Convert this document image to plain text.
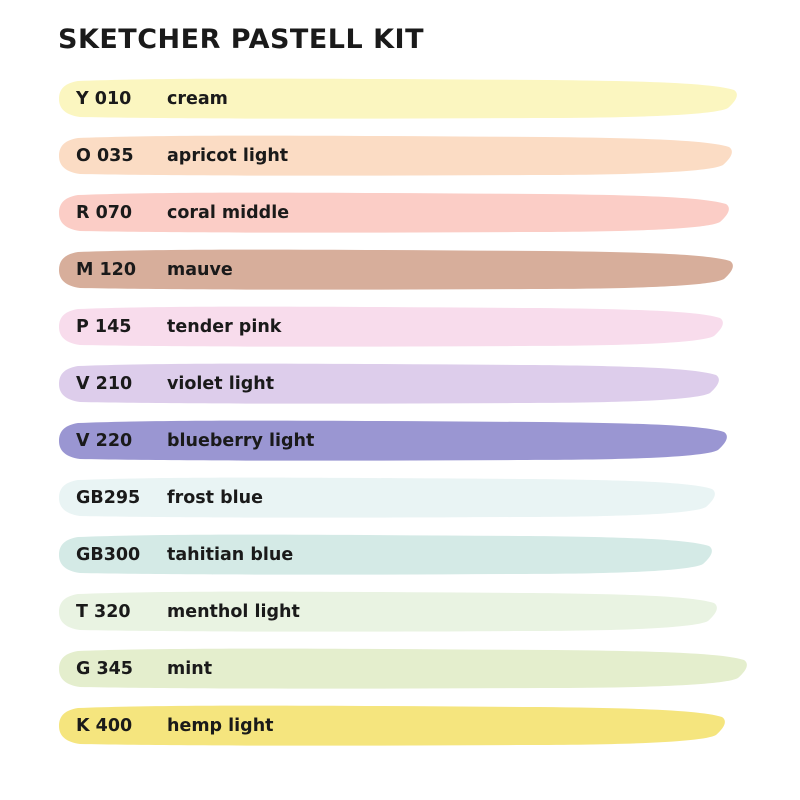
SKETCHER PASTELL KIT
Y 010 cream
O 035 apricot light
R 070 coral middle
M 120 mauve
P 145 tender pink
V 210 violet light
V 220 blueberry light
GB295 frost blue
GB300 tahitian blue
T 320 menthol light
G 345 mint
K 400 hemp light
